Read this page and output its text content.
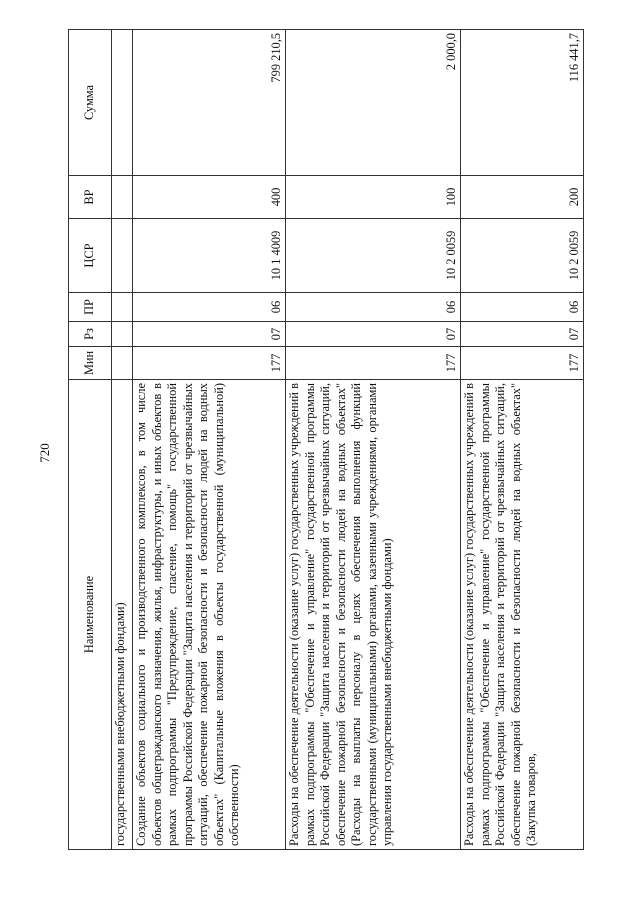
720
Наименование	Мин	Рз	ПР	ЦСР	ВР	Сумма
государственными внебюджетными фондами)						
Создание объектов социального и производственного комплексов, в том числе объектов общегражданского назначения, жилья, инфраструктуры, и иных объектов в рамках подпрограммы "Предупреждение, спасение, помощь" государственной программы Российской Федерации "Защита населения и территорий от чрезвычайных ситуаций, обеспечение пожарной безопасности и безопасности людей на водных объектах" (Капитальные вложения в объекты государственной (муниципальной) собственности)	177	07	06	10 1 4009	400	799 210,5
Расходы на обеспечение деятельности (оказание услуг) государственных учреждений в рамках подпрограммы "Обеспечение и управление" государственной программы Российской Федерации "Защита населения и территорий от чрезвычайных ситуаций, обеспечение пожарной безопасности и безопасности людей на водных объектах" (Расходы на выплаты персоналу в целях обеспечения выполнения функций государственными (муниципальными) органами, казенными учреждениями, органами управления государственными внебюджетными фондами)	177	07	06	10 2 0059	100	2 000,0
Расходы на обеспечение деятельности (оказание услуг) государственных учреждений в рамках подпрограммы "Обеспечение и управление" государственной программы Российской Федерации "Защита населения и территорий от чрезвычайных ситуаций, обеспечение пожарной безопасности и безопасности людей на водных объектах" (Закупка товаров,	177	07	06	10 2 0059	200	116 441,7
